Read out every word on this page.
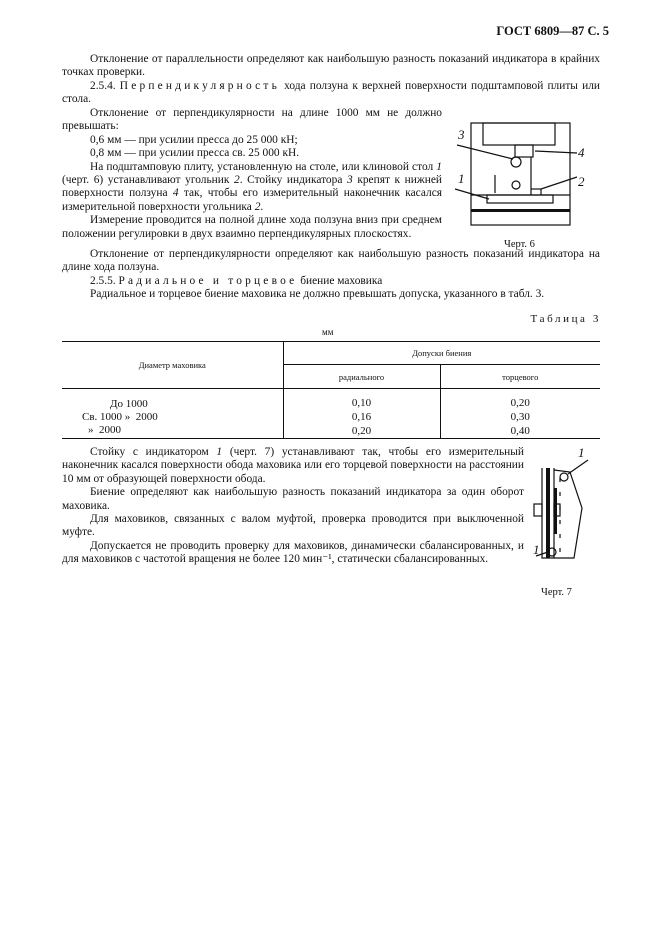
ГОСТ 6809—87 С. 5

Отклонение от параллельности определяют как наибольшую разность показаний индикатора в крайних точках проверки.

2.5.4. Перпендикулярность хода ползуна к верхней поверхности подштамповой плиты или стола.

Отклонение от перпендикулярности на длине 1000 мм не должно превышать:

0,6 мм — при усилии пресса до 25 000 кН;

0,8 мм — при усилии пресса св. 25 000 кН.

На подштамповую плиту, установленную на столе, или клиновой стол 1 (черт. 6) устанавливают угольник 2. Стойку индикатора 3 крепят к нижней поверхности ползуна 4 так, чтобы его измерительный наконечник касался измерительной поверхности угольника 2.

Измерение проводится на полной длине хода ползуна вниз при среднем положении регулировки в двух взаимно перпендикулярных плоскостях.

Отклонение от перпендикулярности определяют как наибольшую разность показаний индикатора на длине хода ползуна.

2.5.5. Радиальное и торцевое биение маховика

Радиальное и торцевое биение маховика не должно превышать допуска, указанного в табл. 3.

3
4
1	2
Черт. 6
Таблица 3
мм
Диаметр маховика	Допуски биения	
	радиального	торцевого
До 1000	0,10	0,20
Св. 1000 »  2000	0,16	0,30
»  2000	0,20	0,40

Стойку с индикатором 1 (черт. 7) устанавливают так, чтобы его измерительный наконечник касался поверхности обода маховика или его торцевой поверхности на расстоянии 10 мм от образующей поверхности обода.

Биение определяют как наибольшую разность показаний индикатора за один оборот маховика.

Для маховиков, связанных с валом муфтой, проверка проводится при выключенной муфте.

Допускается не проводить проверку для маховиков, динамически сбалансированных, и для маховиков с частотой вращения не более 120 мин⁻¹, статически сбалансированных.

1
1
Черт. 7
